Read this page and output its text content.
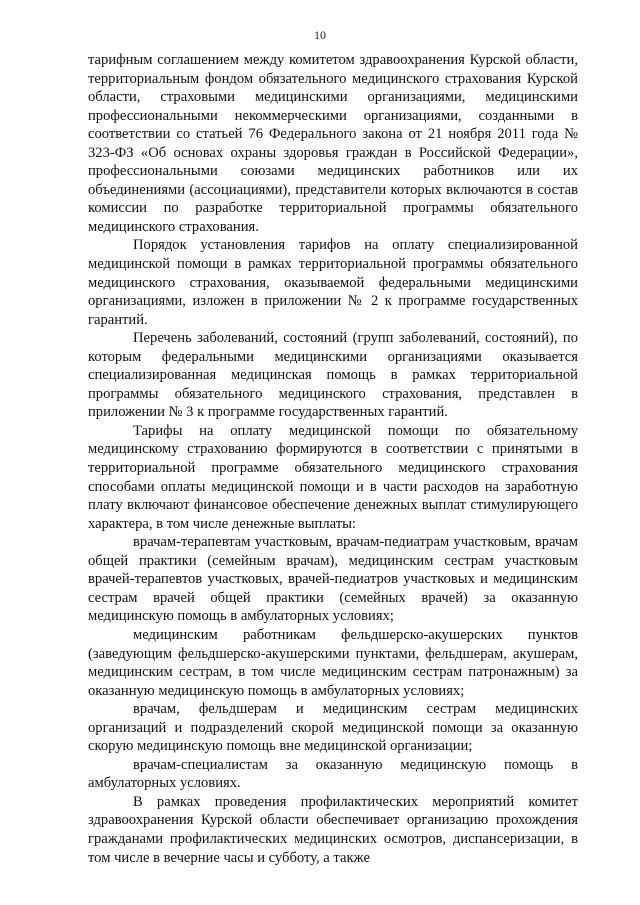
10

тарифным соглашением между комитетом здравоохранения Курской области, территориальным фондом обязательного медицинского страхования Курской области, страховыми медицинскими организациями, медицинскими профессиональными некоммерческими организациями, созданными в соответствии со статьей 76 Федерального закона от 21 ноября 2011 года № 323-ФЗ «Об основах охраны здоровья граждан в Российской Федерации», профессиональными союзами медицинских работников или их объединениями (ассоциациями), представители которых включаются в состав комиссии по разработке территориальной программы обязательного медицинского страхования.

Порядок установления тарифов на оплату специализированной медицинской помощи в рамках территориальной программы обязательного медицинского страхования, оказываемой федеральными медицинскими организациями, изложен в приложении № 2 к программе государственных гарантий.

Перечень заболеваний, состояний (групп заболеваний, состояний), по которым федеральными медицинскими организациями оказывается специализированная медицинская помощь в рамках территориальной программы обязательного медицинского страхования, представлен в приложении № 3 к программе государственных гарантий.

Тарифы на оплату медицинской помощи по обязательному медицинскому страхованию формируются в соответствии с принятыми в территориальной программе обязательного медицинского страхования способами оплаты медицинской помощи и в части расходов на заработную плату включают финансовое обеспечение денежных выплат стимулирующего характера, в том числе денежные выплаты:

врачам-терапевтам участковым, врачам-педиатрам участковым, врачам общей практики (семейным врачам), медицинским сестрам участковым врачей-терапевтов участковых, врачей-педиатров участковых и медицинским сестрам врачей общей практики (семейных врачей) за оказанную медицинскую помощь в амбулаторных условиях;

медицинским работникам фельдшерско-акушерских пунктов (заведующим фельдшерско-акушерскими пунктами, фельдшерам, акушерам, медицинским сестрам, в том числе медицинским сестрам патронажным) за оказанную медицинскую помощь в амбулаторных условиях;

врачам, фельдшерам и медицинским сестрам медицинских организаций и подразделений скорой медицинской помощи за оказанную скорую медицинскую помощь вне медицинской организации;

врачам-специалистам за оказанную медицинскую помощь в амбулаторных условиях.

В рамках проведения профилактических мероприятий комитет здравоохранения Курской области обеспечивает организацию прохождения гражданами профилактических медицинских осмотров, диспансеризации, в том числе в вечерние часы и субботу, а также
